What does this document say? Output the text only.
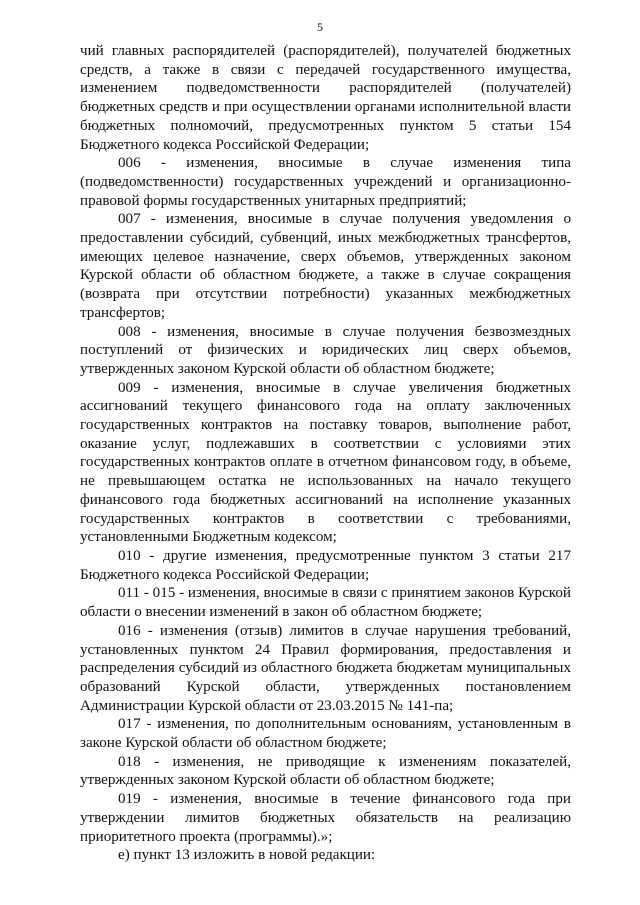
5

чий главных распорядителей (распорядителей), получателей бюджетных средств, а также в связи с передачей государственного имущества, изменением подведомственности распорядителей (получателей) бюджетных средств и при осуществлении органами исполнительной власти бюджетных полномочий, предусмотренных пунктом 5 статьи 154 Бюджетного кодекса Российской Федерации;

006 - изменения, вносимые в случае изменения типа (подведомственности) государственных учреждений и организационно-правовой формы государственных унитарных предприятий;

007 - изменения, вносимые в случае получения уведомления о предоставлении субсидий, субвенций, иных межбюджетных трансфертов, имеющих целевое назначение, сверх объемов, утвержденных законом Курской области об областном бюджете, а также в случае сокращения (возврата при отсутствии потребности) указанных межбюджетных трансфертов;

008 - изменения, вносимые в случае получения безвозмездных поступлений от физических и юридических лиц сверх объемов, утвержденных законом Курской области об областном бюджете;

009 - изменения, вносимые в случае увеличения бюджетных ассигнований текущего финансового года на оплату заключенных государственных контрактов на поставку товаров, выполнение работ, оказание услуг, подлежавших в соответствии с условиями этих государственных контрактов оплате в отчетном финансовом году, в объеме, не превышающем остатка не использованных на начало текущего финансового года бюджетных ассигнований на исполнение указанных государственных контрактов в соответствии с требованиями, установленными Бюджетным кодексом;

010 - другие изменения, предусмотренные пунктом 3 статьи 217 Бюджетного кодекса Российской Федерации;

011 - 015 - изменения, вносимые в связи с принятием законов Курской области о внесении изменений в закон об областном бюджете;

016 - изменения (отзыв) лимитов в случае нарушения требований, установленных пунктом 24 Правил формирования, предоставления и распределения субсидий из областного бюджета бюджетам муниципальных образований Курской области, утвержденных постановлением Администрации Курской области от 23.03.2015 № 141-па;

017 - изменения, по дополнительным основаниям, установленным в законе Курской области об областном бюджете;

018 - изменения, не приводящие к изменениям показателей, утвержденных законом Курской области об областном бюджете;

019 - изменения, вносимые в течение финансового года при утверждении лимитов бюджетных обязательств на реализацию приоритетного проекта (программы).»;

е) пункт 13 изложить в новой редакции:
